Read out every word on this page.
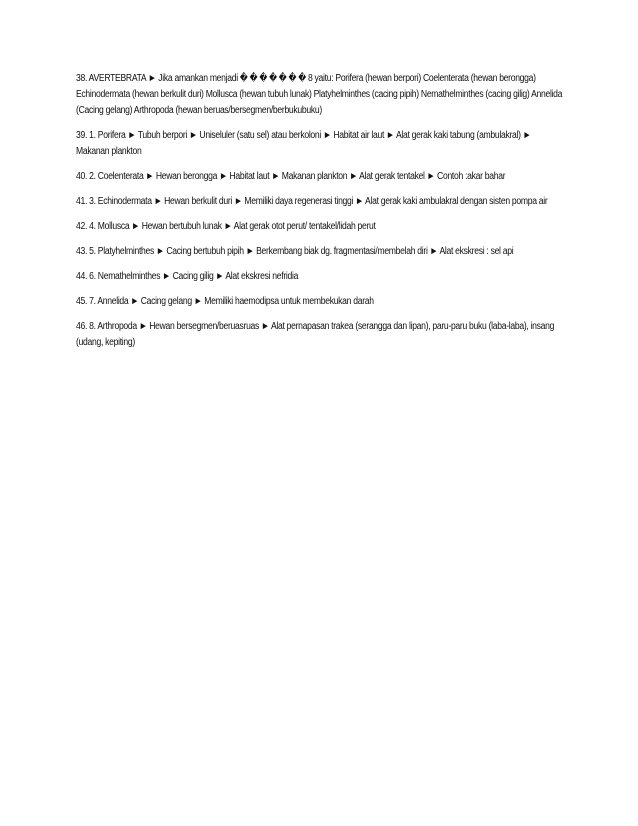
38. AVERTEBRATA ► Jika amankan menjadi � � � � � � � 8 yaitu: Porifera (hewan berpori) Coelenterata (hewan berongga) Echinodermata (hewan berkulit duri) Mollusca (hewan tubuh lunak) Platyhelminthes (cacing pipih) Nemathelminthes (cacing gilig) Annelida (Cacing gelang) Arthropoda (hewan beruas/bersegmen/berbukubuku)

39. 1. Porifera ► Tubuh berpori ► Uniseluler (satu sel) atau berkoloni ► Habitat air laut ► Alat gerak kaki tabung (ambulakral) ► Makanan plankton

40. 2. Coelenterata ► Hewan berongga ► Habitat laut ► Makanan plankton ► Alat gerak tentakel ► Contoh :akar bahar

41. 3. Echinodermata ► Hewan berkulit duri ► Memiliki daya regenerasi tinggi ► Alat gerak kaki ambulakral dengan sisten pompa air

42. 4. Mollusca ► Hewan bertubuh lunak ► Alat gerak otot perut/ tentakel/lidah perut

43. 5. Platyhelminthes ► Cacing bertubuh pipih ► Berkembang biak dg. fragmentasi/membelah diri ► Alat ekskresi : sel api

44. 6. Nemathelminthes ► Cacing gilig ► Alat ekskresi nefridia

45. 7. Annelida ► Cacing gelang ► Memiliki haemodipsa untuk membekukan darah

46. 8. Arthropoda ► Hewan bersegmen/beruasruas ► Alat pernapasan trakea (serangga dan lipan), paru-paru buku (laba-laba), insang (udang, kepiting)
